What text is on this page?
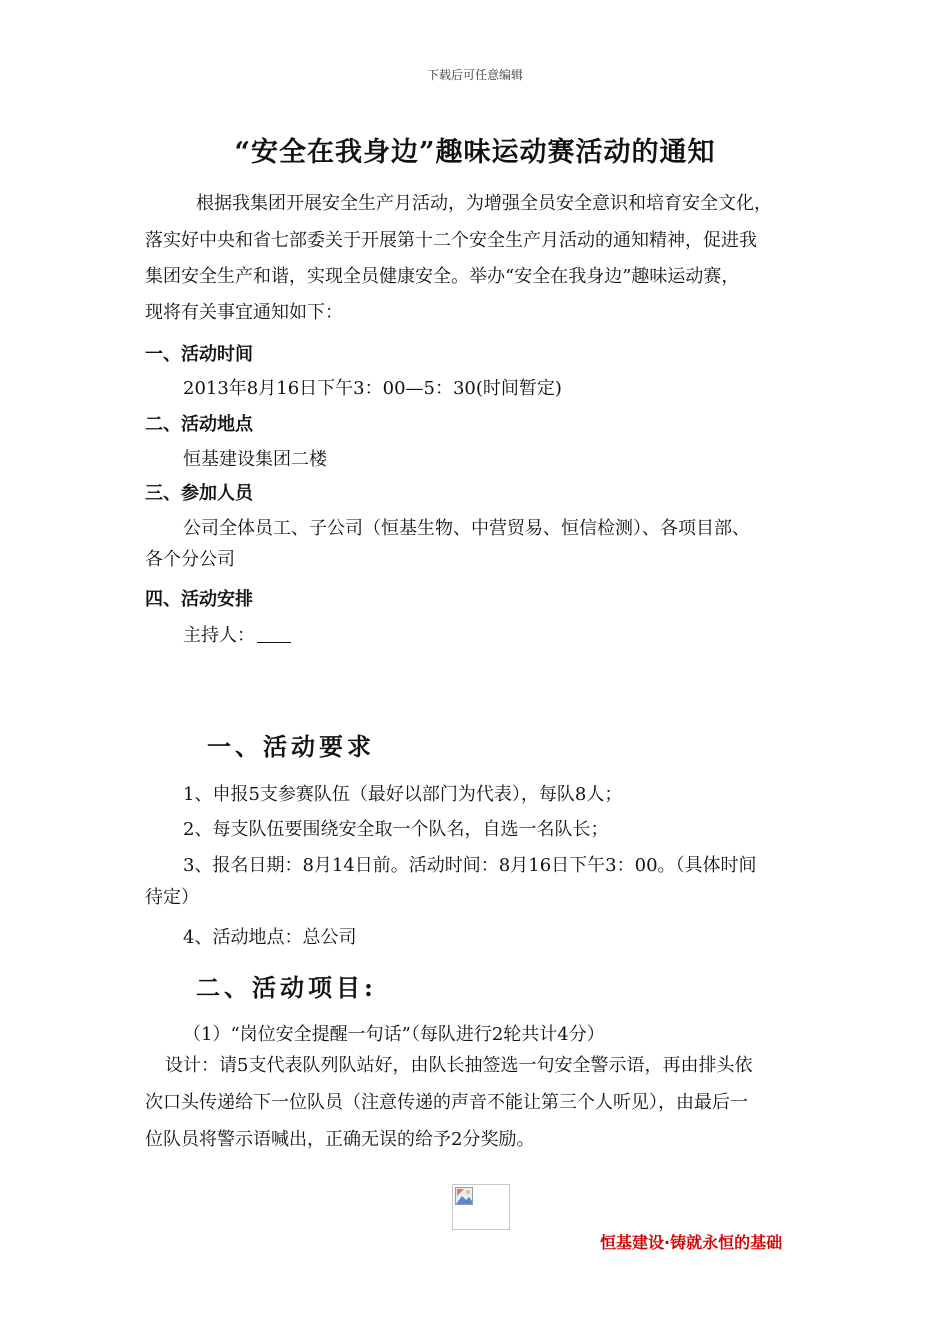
下载后可任意编辑
“安全在我身边”趣味运动赛活动的通知
根据我集团开展安全生产月活动，为增强全员安全意识和培育安全文化，
落实好中央和省七部委关于开展第十二个安全生产月活动的通知精神，促进我
集团安全生产和谐，实现全员健康安全。举办“安全在我身边”趣味运动赛，
现将有关事宜通知如下：
一、活动时间
2013年8月16日下午3：00—5：30(时间暂定)
二、活动地点
恒基建设集团二楼
三、参加人员
公司全体员工、子公司（恒基生物、中营贸易、恒信检测）、各项目部、
各个分公司
四、活动安排
主持人：
一、活动要求
1、申报5支参赛队伍（最好以部门为代表），每队8人；
2、每支队伍要围绕安全取一个队名，自选一名队长；
3、报名日期：8月14日前。活动时间：8月16日下午3：00。（具体时间
待定）
4、活动地点：总公司
二、活动项目:
（1）“岗位安全提醒一句话”（每队进行2轮共计4分）
设计：请5支代表队列队站好，由队长抽签选一句安全警示语，再由排头依
次口头传递给下一位队员（注意传递的声音不能让第三个人听见），由最后一
位队员将警示语喊出，正确无误的给予2分奖励。
恒基建设·铸就永恒的基础
